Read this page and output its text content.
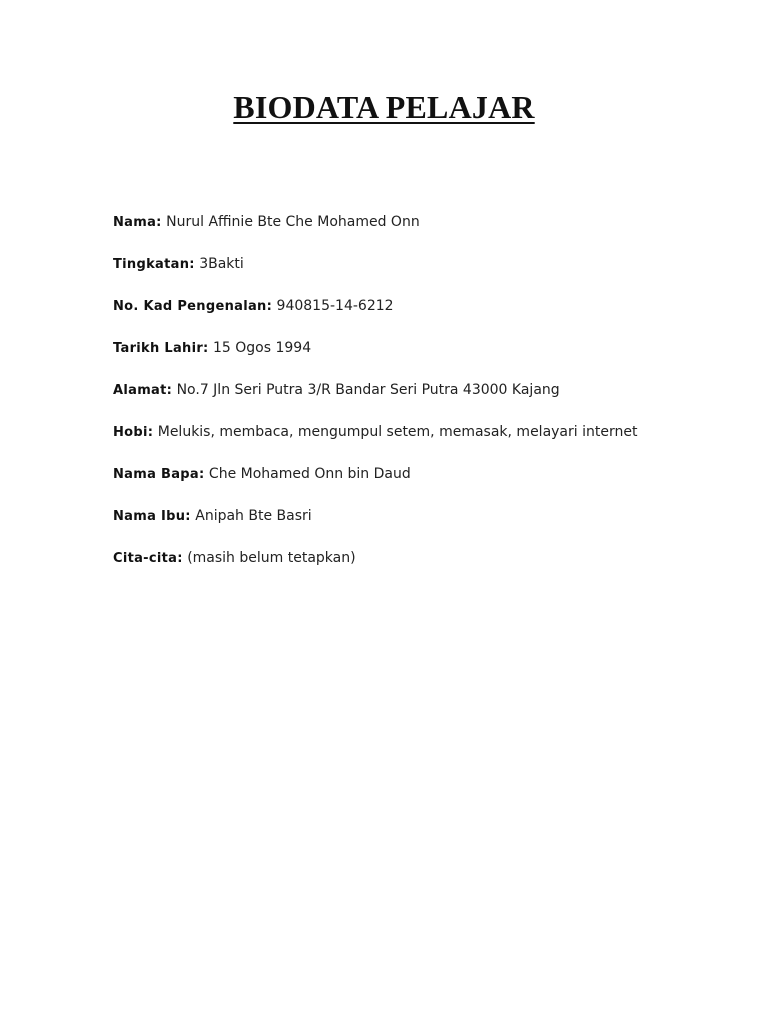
BIODATA PELAJAR
Nama: Nurul Affinie Bte Che Mohamed Onn
Tingkatan: 3Bakti
No. Kad Pengenalan: 940815-14-6212
Tarikh Lahir: 15 Ogos 1994
Alamat: No.7 Jln Seri Putra 3/R Bandar Seri Putra 43000 Kajang
Hobi: Melukis, membaca, mengumpul setem, memasak, melayari internet
Nama Bapa: Che Mohamed Onn bin Daud
Nama Ibu: Anipah Bte Basri
Cita-cita: (masih belum tetapkan)
